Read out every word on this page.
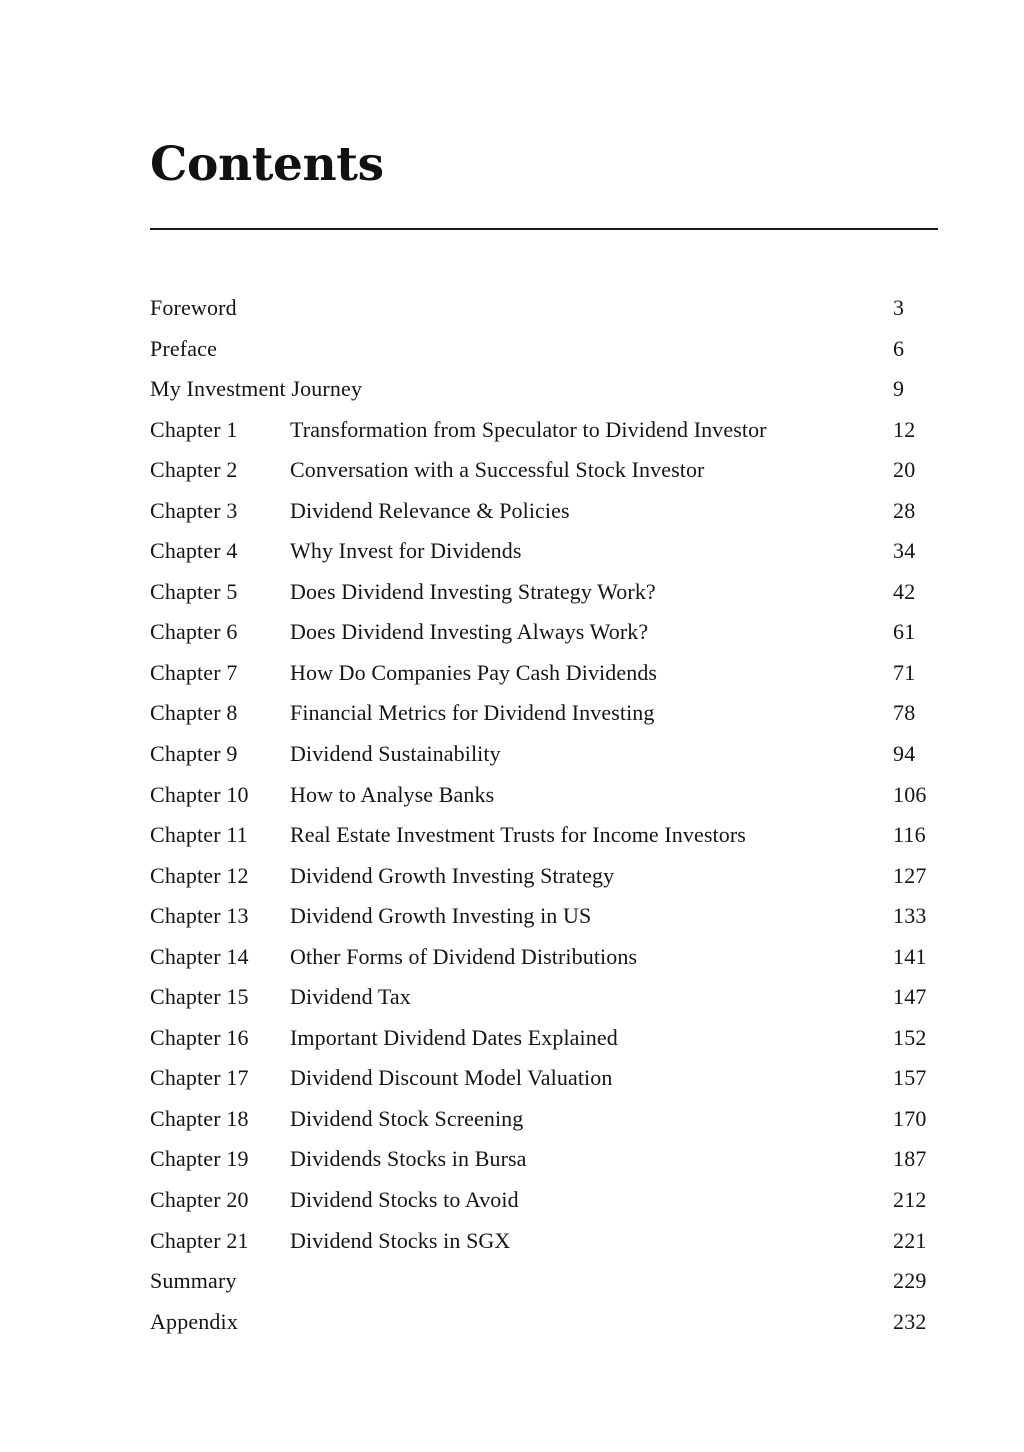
Contents
Foreword	3
Preface	6
My Investment Journey	9
Chapter 1 Transformation from Speculator to Dividend Investor	12
Chapter 2 Conversation with a Successful Stock Investor	20
Chapter 3 Dividend Relevance & Policies	28
Chapter 4 Why Invest for Dividends	34
Chapter 5 Does Dividend Investing Strategy Work?	42
Chapter 6 Does Dividend Investing Always Work?	61
Chapter 7 How Do Companies Pay Cash Dividends	71
Chapter 8 Financial Metrics for Dividend Investing	78
Chapter 9 Dividend Sustainability	94
Chapter 10 How to Analyse Banks	106
Chapter 11 Real Estate Investment Trusts for Income Investors	116
Chapter 12 Dividend Growth Investing Strategy	127
Chapter 13 Dividend Growth Investing in US	133
Chapter 14 Other Forms of Dividend Distributions	141
Chapter 15 Dividend Tax	147
Chapter 16 Important Dividend Dates Explained	152
Chapter 17 Dividend Discount Model Valuation	157
Chapter 18 Dividend Stock Screening	170
Chapter 19 Dividends Stocks in Bursa	187
Chapter 20 Dividend Stocks to Avoid	212
Chapter 21 Dividend Stocks in SGX	221
Summary	229
Appendix	232
